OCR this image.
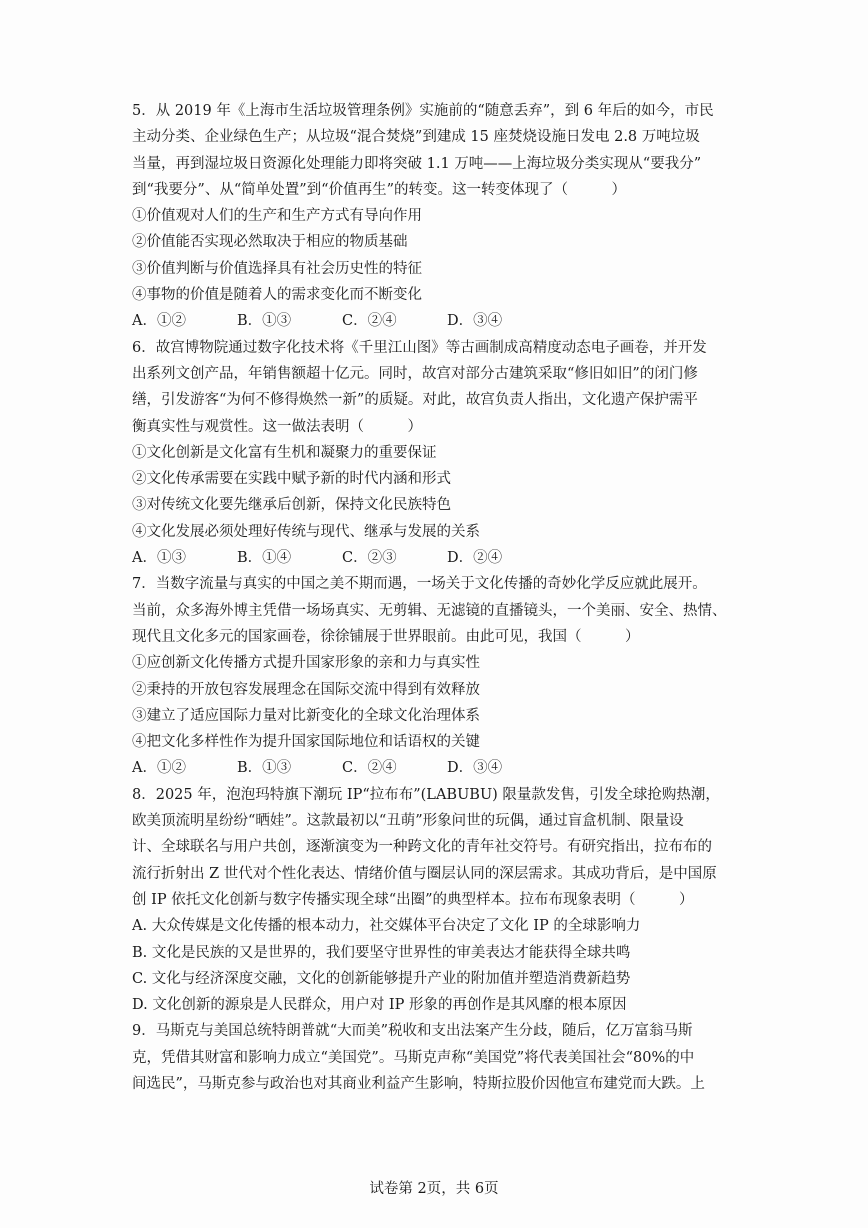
5．从 2019 年《上海市生活垃圾管理条例》实施前的“随意丢弃”，到 6 年后的如今，市民

主动分类、企业绿色生产；从垃圾“混合焚烧”到建成 15 座焚烧设施日发电 2.8 万吨垃圾

当量，再到湿垃圾日资源化处理能力即将突破 1.1 万吨——上海垃圾分类实现从“要我分”

到“我要分”、从“简单处置”到“价值再生”的转变。这一转变体现了（　　　）

①价值观对人们的生产和生产方式有导向作用
②价值能否实现必然取决于相应的物质基础
③价值判断与价值选择具有社会历史性的特征
④事物的价值是随着人的需求变化而不断变化
A．①②	B．①③	C．②④	D．③④

6．故宫博物院通过数字化技术将《千里江山图》等古画制成高精度动态电子画卷，并开发

出系列文创产品，年销售额超十亿元。同时，故宫对部分古建筑采取“修旧如旧”的闭门修

缮，引发游客“为何不修得焕然一新”的质疑。对此，故宫负责人指出，文化遗产保护需平

衡真实性与观赏性。这一做法表明（　　　）

①文化创新是文化富有生机和凝聚力的重要保证
②文化传承需要在实践中赋予新的时代内涵和形式
③对传统文化要先继承后创新，保持文化民族特色
④文化发展必须处理好传统与现代、继承与发展的关系
A．①③	B．①④	C．②③	D．②④

7．当数字流量与真实的中国之美不期而遇，一场关于文化传播的奇妙化学反应就此展开。

当前，众多海外博主凭借一场场真实、无剪辑、无滤镜的直播镜头，一个美丽、安全、热情、

现代且文化多元的国家画卷，徐徐铺展于世界眼前。由此可见，我国（　　　）

①应创新文化传播方式提升国家形象的亲和力与真实性
②秉持的开放包容发展理念在国际交流中得到有效释放
③建立了适应国际力量对比新变化的全球文化治理体系
④把文化多样性作为提升国家国际地位和话语权的关键
A．①②	B．①③	C．②④	D．③④

8．2025 年，泡泡玛特旗下潮玩 IP“拉布布”(LABUBU) 限量款发售，引发全球抢购热潮，

欧美顶流明星纷纷“晒娃”。这款最初以“丑萌”形象问世的玩偶，通过盲盒机制、限量设

计、全球联名与用户共创，逐渐演变为一种跨文化的青年社交符号。有研究指出，拉布布的

流行折射出 Z 世代对个性化表达、情绪价值与圈层认同的深层需求。其成功背后，是中国原

创 IP 依托文化创新与数字传播实现全球“出圈”的典型样本。拉布布现象表明（　　　）

A. 大众传媒是文化传播的根本动力，社交媒体平台决定了文化 IP 的全球影响力
B. 文化是民族的又是世界的，我们要坚守世界性的审美表达才能获得全球共鸣
C. 文化与经济深度交融，文化的创新能够提升产业的附加值并塑造消费新趋势
D. 文化创新的源泉是人民群众，用户对 IP 形象的再创作是其风靡的根本原因

9．马斯克与美国总统特朗普就“大而美”税收和支出法案产生分歧，随后，亿万富翁马斯

克，凭借其财富和影响力成立“美国党”。马斯克声称“美国党”将代表美国社会“80%的中

间选民”，马斯克参与政治也对其商业利益产生影响，特斯拉股价因他宣布建党而大跌。上

试卷第 2页，共 6页
